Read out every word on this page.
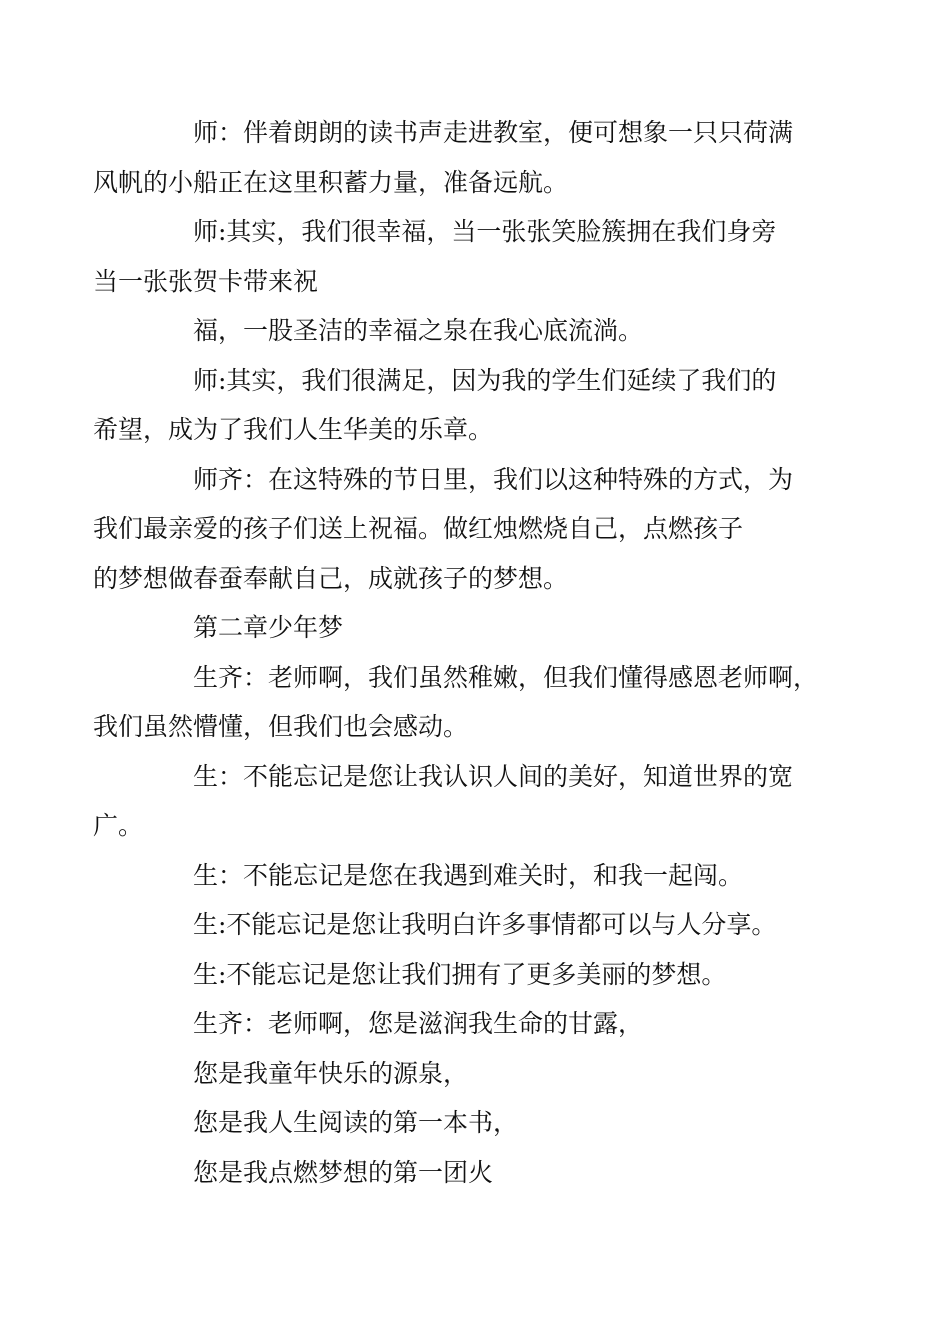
师：伴着朗朗的读书声走进教室，便可想象一只只荷满
风帆的小船正在这里积蓄力量，准备远航。
师:其实，我们很幸福，当一张张笑脸簇拥在我们身旁
当一张张贺卡带来祝
福，一股圣洁的幸福之泉在我心底流淌。
师:其实，我们很满足，因为我的学生们延续了我们的
希望，成为了我们人生华美的乐章。
师齐：在这特殊的节日里，我们以这种特殊的方式，为
我们最亲爱的孩子们送上祝福。做红烛燃烧自己，点燃孩子
的梦想做春蚕奉献自己，成就孩子的梦想。
第二章少年梦
生齐：老师啊，我们虽然稚嫩，但我们懂得感恩老师啊，
我们虽然懵懂，但我们也会感动。
生：不能忘记是您让我认识人间的美好，知道世界的宽
广。
生：不能忘记是您在我遇到难关时，和我一起闯。
生:不能忘记是您让我明白许多事情都可以与人分享。
生:不能忘记是您让我们拥有了更多美丽的梦想。
生齐：老师啊，您是滋润我生命的甘露，
您是我童年快乐的源泉，
您是我人生阅读的第一本书，
您是我点燃梦想的第一团火
